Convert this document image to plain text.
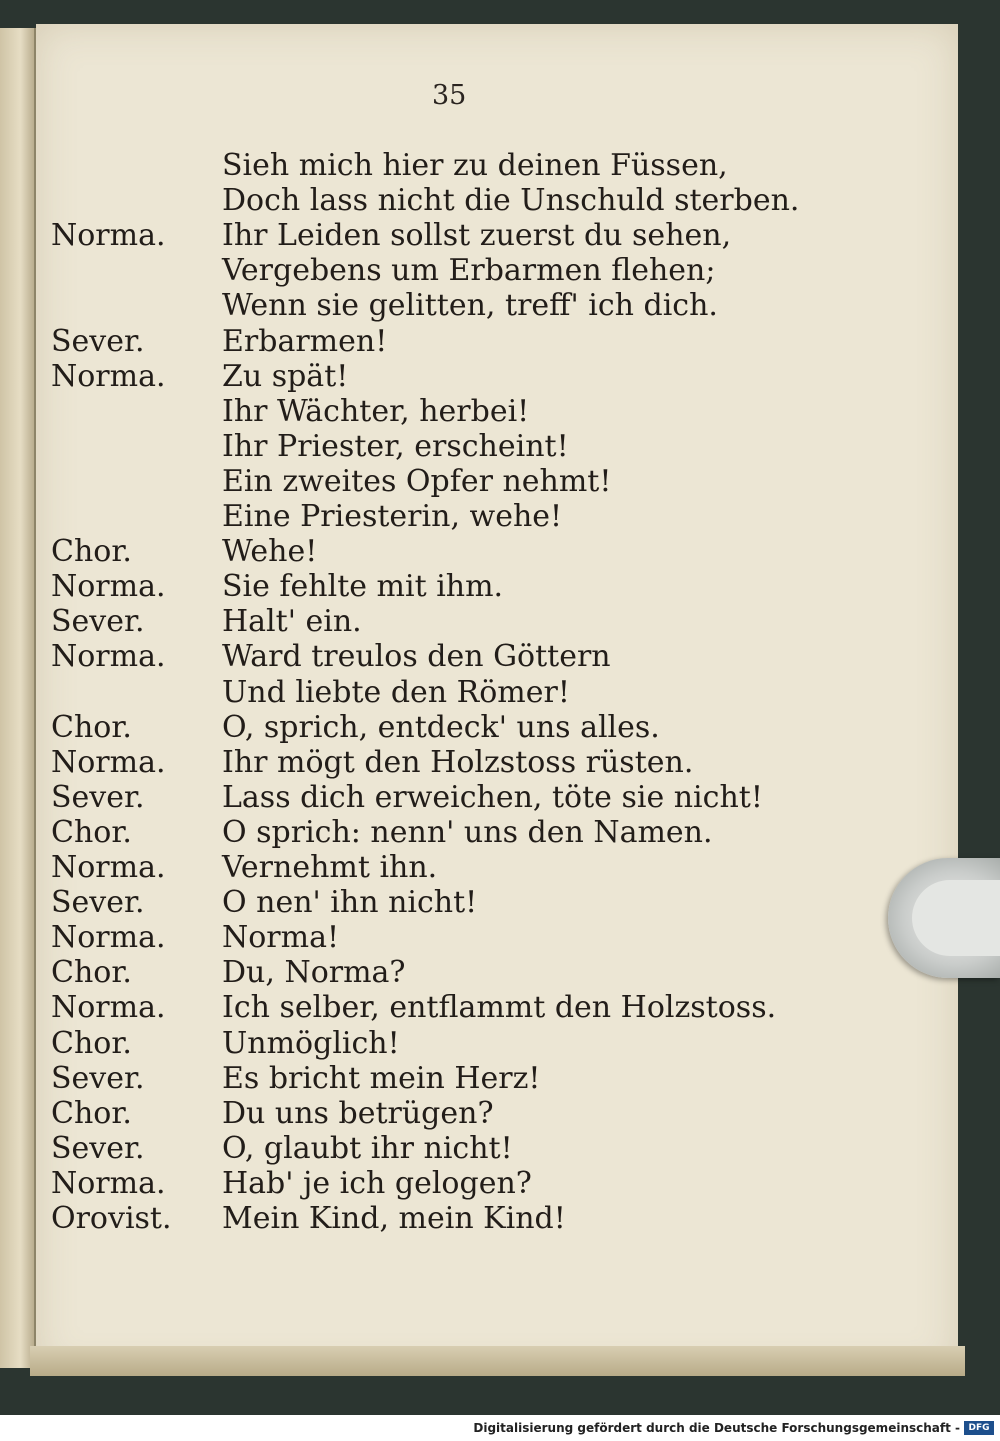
35
Sieh mich hier zu deinen Füssen,
Doch lass nicht die Unschuld sterben.
Norma.	Ihr Leiden sollst zuerst du sehen,
Vergebens um Erbarmen flehen;
Wenn sie gelitten, treff' ich dich.
Sever.	Erbarmen!
Norma.	Zu spät!
Ihr Wächter, herbei!
Ihr Priester, erscheint!
Ein zweites Opfer nehmt!
Eine Priesterin, wehe!
Chor.	Wehe!
Norma.	Sie fehlte mit ihm.
Sever.	Halt' ein.
Norma.	Ward treulos den Göttern
Und liebte den Römer!
Chor.	O, sprich, entdeck' uns alles.
Norma.	Ihr mögt den Holzstoss rüsten.
Sever.	Lass dich erweichen, töte sie nicht!
Chor.	O sprich: nenn' uns den Namen.
Norma.	Vernehmt ihn.
Sever.	O nen' ihn nicht!
Norma.	Norma!
Chor.	Du, Norma?
Norma.	Ich selber, entflammt den Holzstoss.
Chor.	Unmöglich!
Sever.	Es bricht mein Herz!
Chor.	Du uns betrügen?
Sever.	O, glaubt ihr nicht!
Norma.	Hab' je ich gelogen?
Orovist.	Mein Kind, mein Kind!
Digitalisierung gefördert durch die Deutsche Forschungsgemeinschaft - DFG
